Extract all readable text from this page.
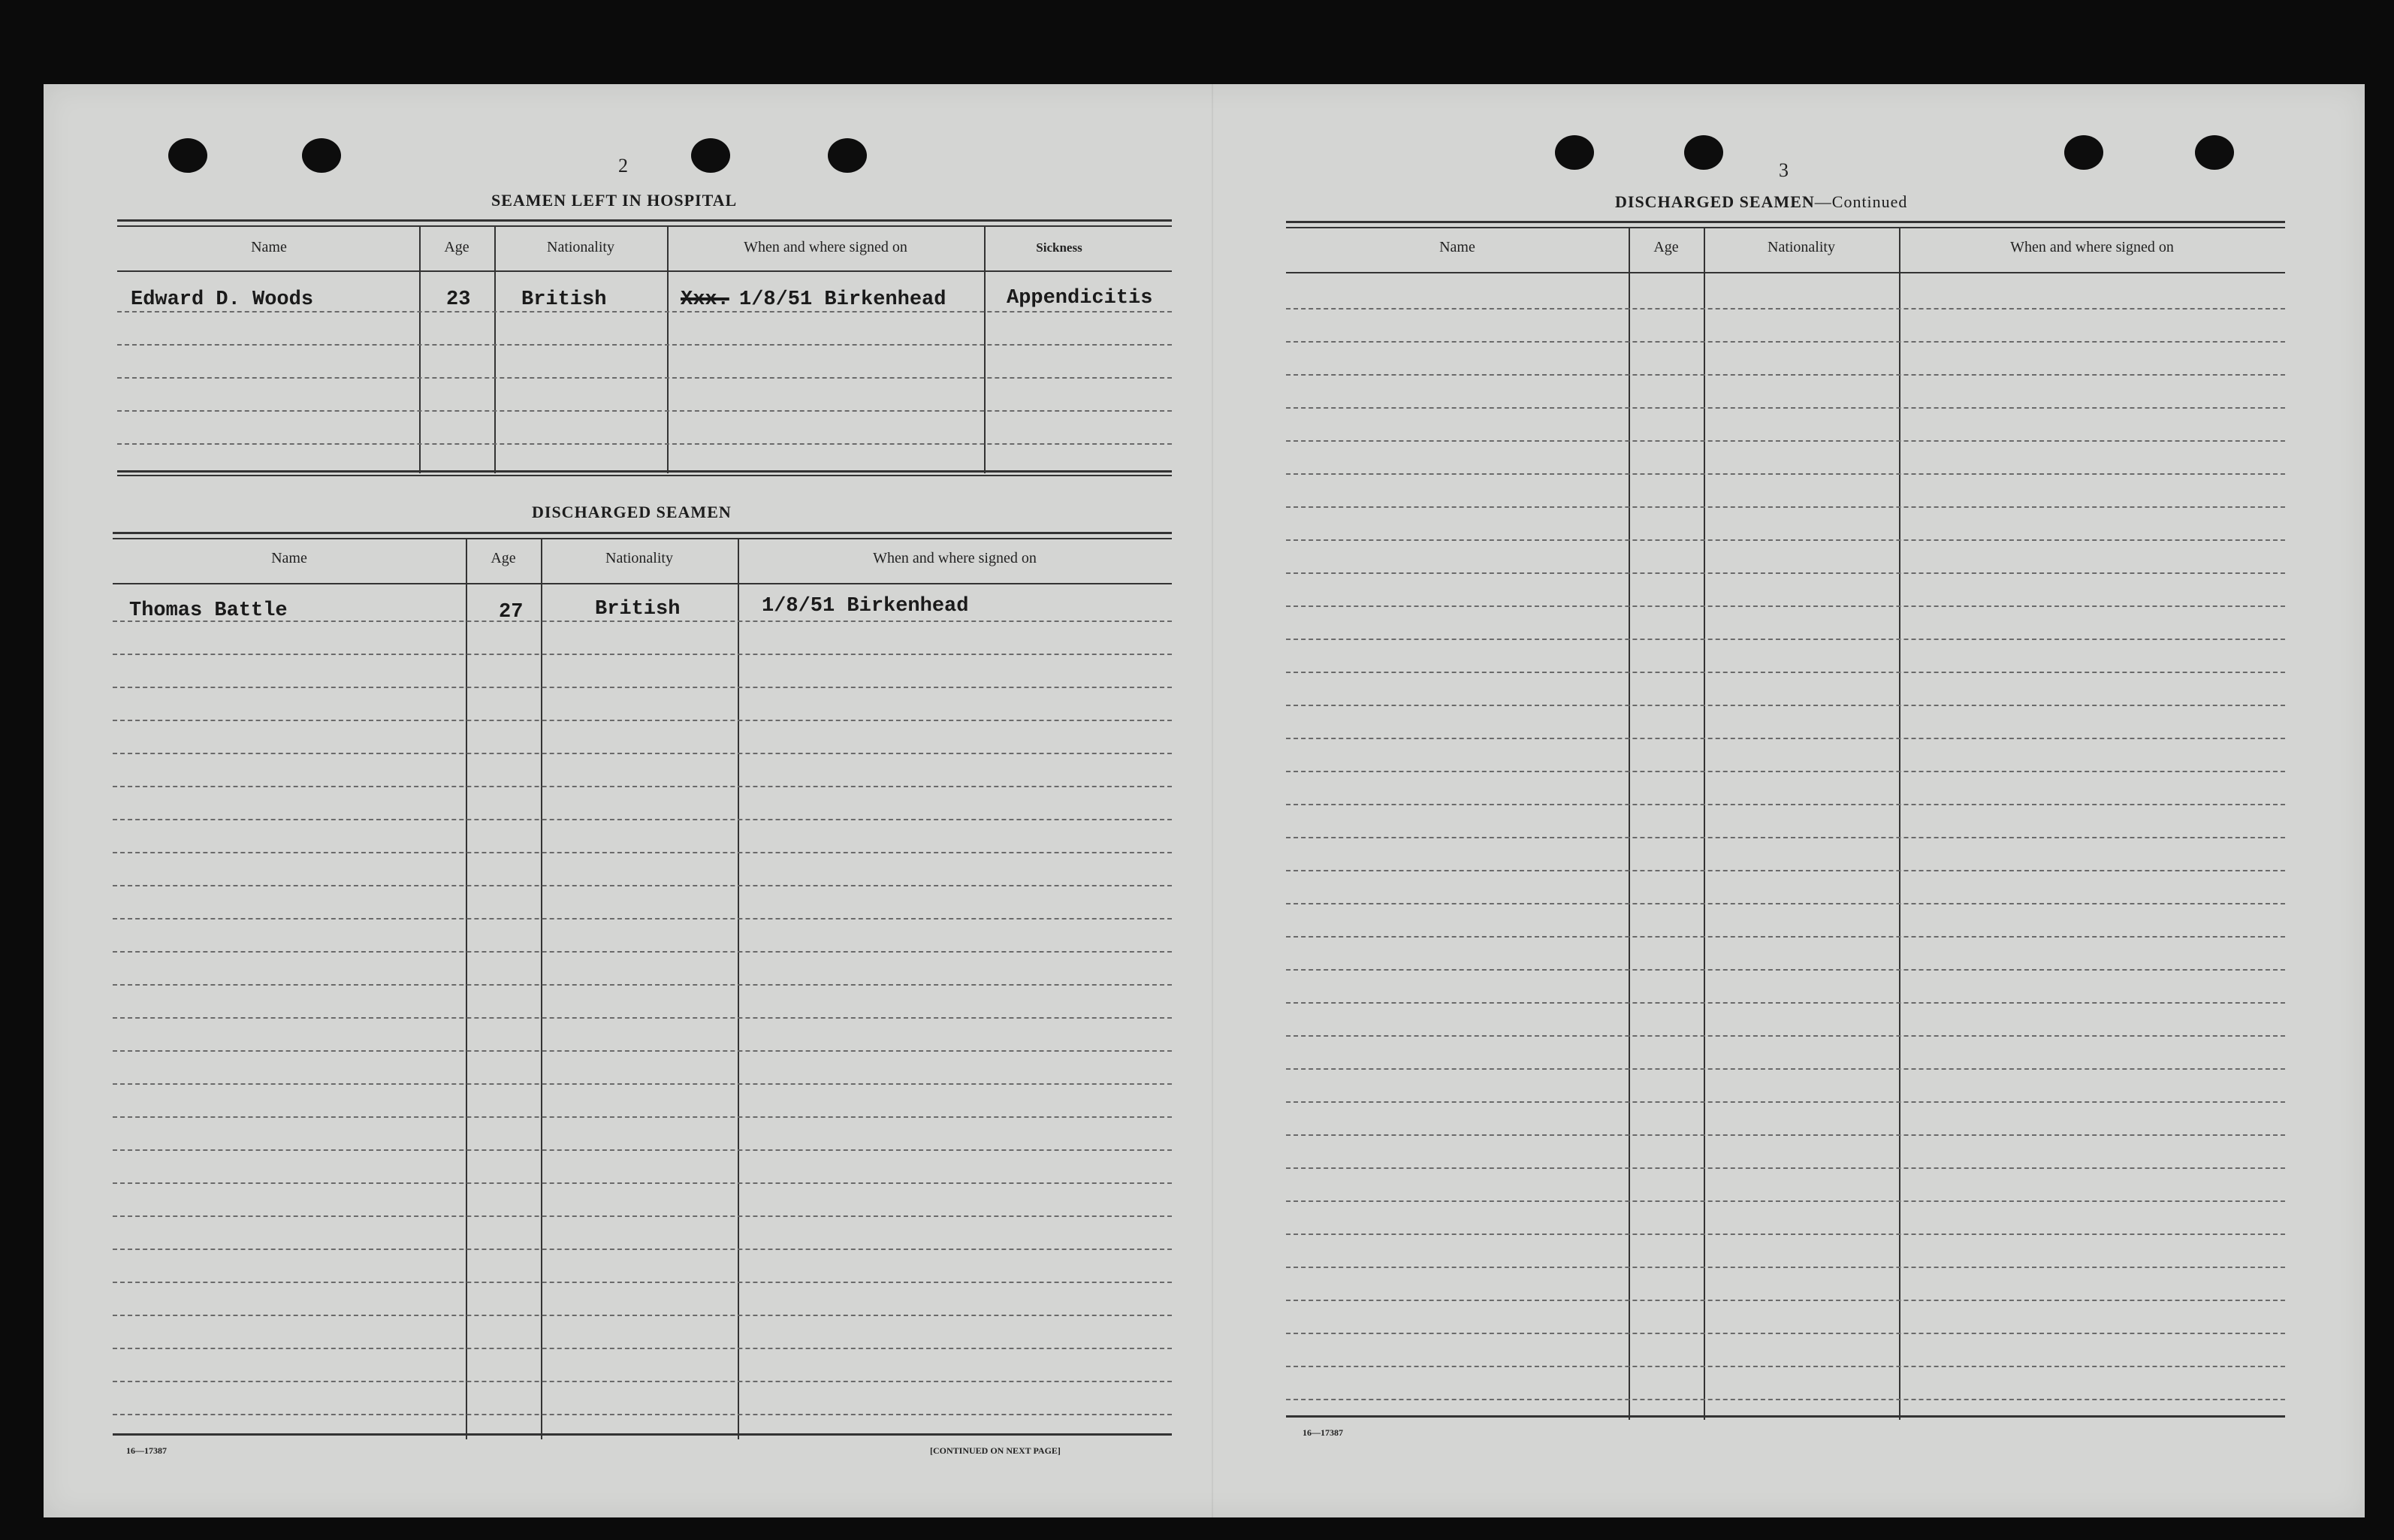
2
SEAMEN LEFT IN HOSPITAL
Name	Age	Nationality	When and where signed on	Sickness
Edward D. Woods	23	British	Xxx. 1/8/51 Birkenhead	Appendicitis
DISCHARGED SEAMEN
Name	Age	Nationality	When and where signed on
Thomas Battle	27	British	1/8/51 Birkenhead
16—17387	[CONTINUED ON NEXT PAGE]
3
DISCHARGED SEAMEN—Continued
Name	Age	Nationality	When and where signed on
16—17387
